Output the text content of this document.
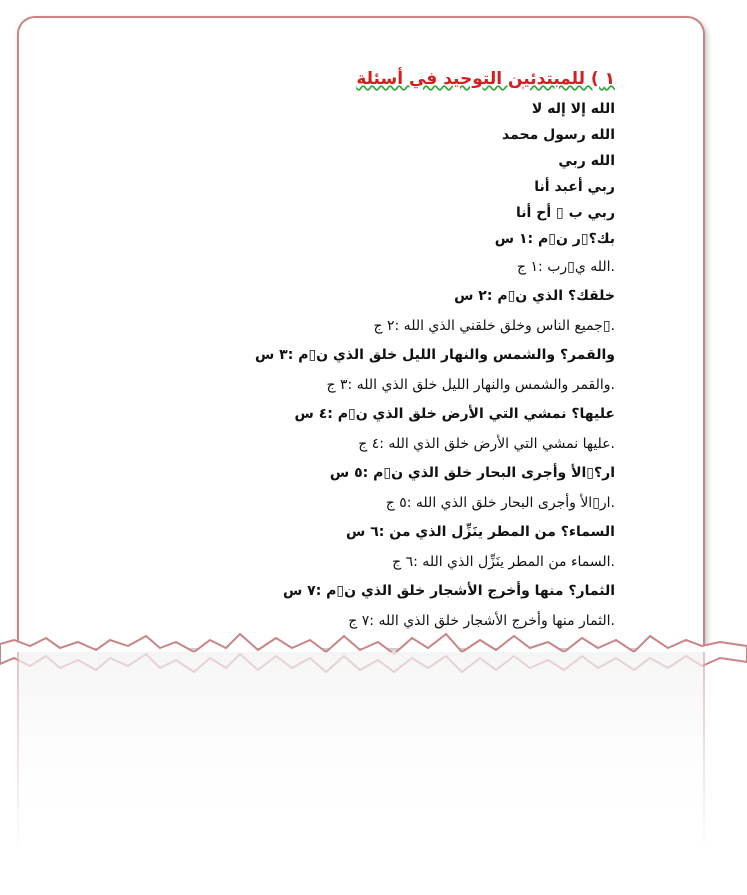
١ ) للمبتدئين التوحيد في أسئلة
الله إلا إله لا
الله رسول محمد
الله ربي
ربي أعبد أنا
ربي ب ▯ أح أنا
بك؟▯ر ن▯م :١ س
.الله ي▯رب :١ ج
خلقك؟ الذي ن▯م :٢ س
.▯جميع الناس وخلق خلقني الذي الله :٢ ج
والقمر؟ والشمس والنهار الليل خلق الذي ن▯م :٣ س
.والقمر والشمس والنهار الليل خلق الذي الله :٣ ج
عليها؟ نمشي التي الأرض خلق الذي ن▯م :٤ س
.عليها نمشي التي الأرض خلق الذي الله :٤ ج
ار؟▯الأ وأجرى البحار خلق الذي ن▯م :٥ س
.ار▯الأ وأجرى البحار خلق الذي الله :٥ ج
السماء؟ من المطر ينَزِّل الذي من :٦ س
.السماء من المطر ينَزِّل الذي الله :٦ ج
الثمار؟ منها وأخرج الأشجار خلق الذي ن▯م :٧ س
.الثمار منها وأخرج الأشجار خلق الذي الله :٧ ج
